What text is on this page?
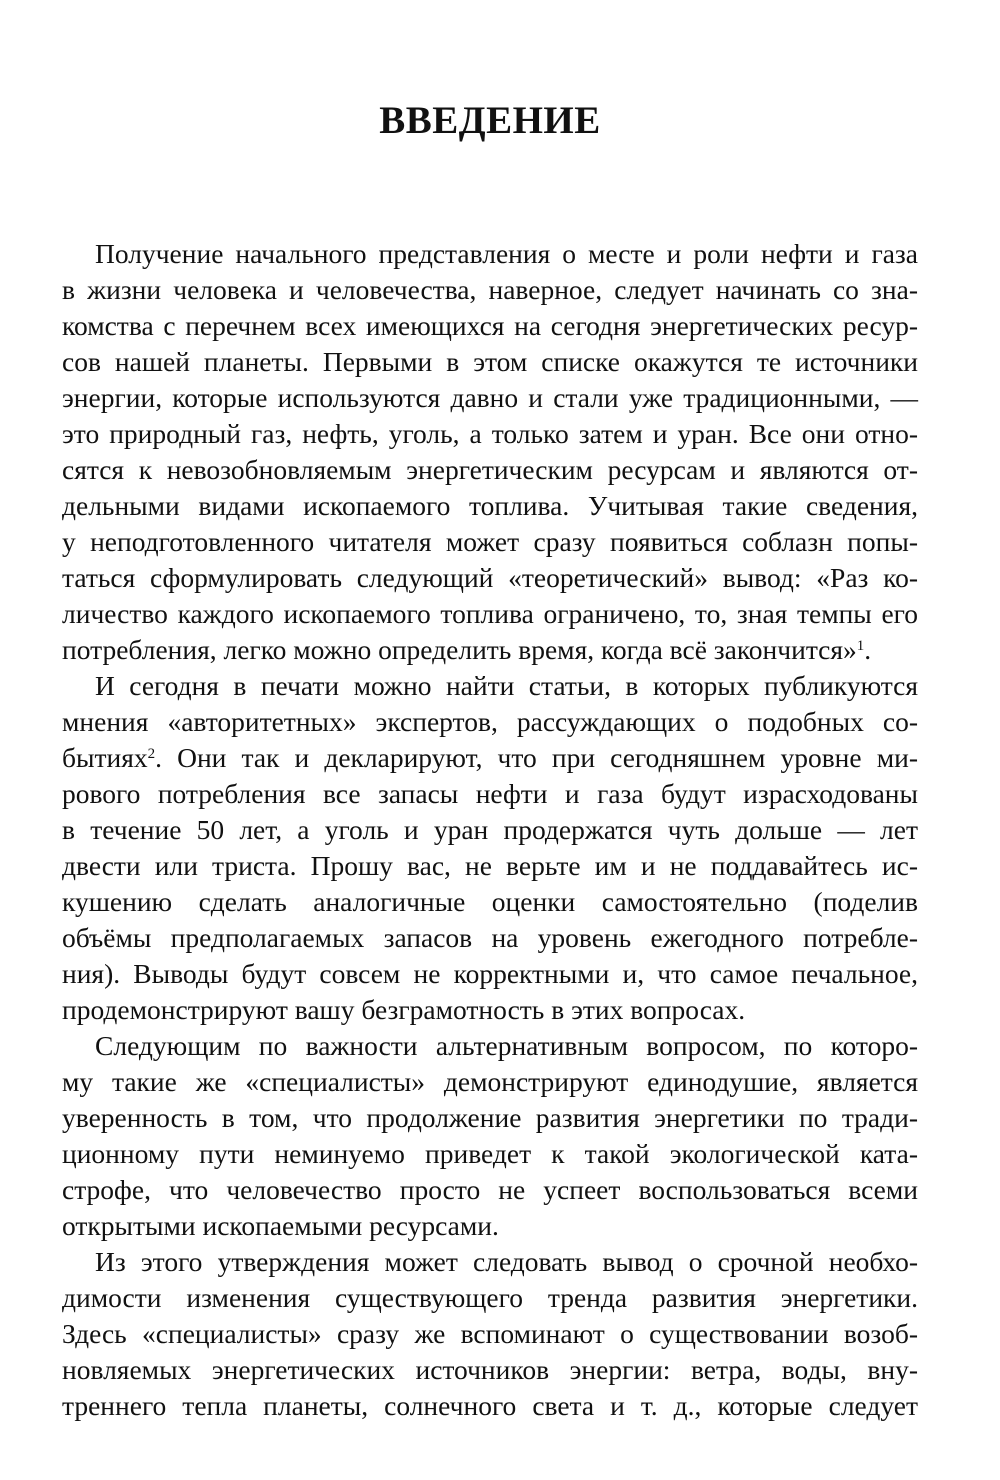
ВВЕДЕНИЕ
Получение начального представления о месте и роли нефти и газа
в жизни человека и человечества, наверное, следует начинать со зна-
комства с перечнем всех имеющихся на сегодня энергетических ресур-
сов нашей планеты. Первыми в этом списке окажутся те источники
энергии, которые используются давно и стали уже традиционными, —
это природный газ, нефть, уголь, а только затем и уран. Все они отно-
сятся к невозобновляемым энергетическим ресурсам и являются от-
дельными видами ископаемого топлива. Учитывая такие сведения,
у неподготовленного читателя может сразу появиться соблазн попы-
таться сформулировать следующий «теоретический» вывод: «Раз ко-
личество каждого ископаемого топлива ограничено, то, зная темпы его
потребления, легко можно определить время, когда всё закончится»$^1$.
И сегодня в печати можно найти статьи, в которых публикуются
мнения «авторитетных» экспертов, рассуждающих о подобных со-
бытиях$^2$. Они так и декларируют, что при сегодняшнем уровне ми-
рового потребления все запасы нефти и газа будут израсходованы
в течение 50 лет, а уголь и уран продержатся чуть дольше — лет
двести или триста. Прошу вас, не верьте им и не поддавайтесь ис-
кушению сделать аналогичные оценки самостоятельно (поделив
объёмы предполагаемых запасов на уровень ежегодного потребле-
ния). Выводы будут совсем не корректными и, что самое печальное,
продемонстрируют вашу безграмотность в этих вопросах.
Следующим по важности альтернативным вопросом, по которо-
му такие же «специалисты» демонстрируют единодушие, является
уверенность в том, что продолжение развития энергетики по тради-
ционному пути неминуемо приведет к такой экологической ката-
строфе, что человечество просто не успеет воспользоваться всеми
открытыми ископаемыми ресурсами.
Из этого утверждения может следовать вывод о срочной необхо-
димости изменения существующего тренда развития энергетики.
Здесь «специалисты» сразу же вспоминают о существовании возоб-
новляемых энергетических источников энергии: ветра, воды, вну-
треннего тепла планеты, солнечного света и т. д., которые следует
